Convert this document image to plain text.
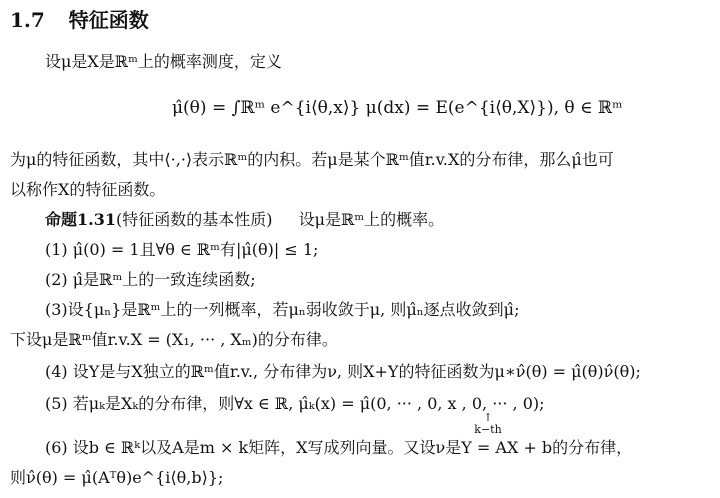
1.7 特征函数
设μ是X是ℝᵐ上的概率测度，定义
μ̂(θ) = ∫ℝᵐ e^{i⟨θ,x⟩} μ(dx) = E(e^{i⟨θ,X⟩}), θ ∈ ℝᵐ
为μ的特征函数，其中⟨·,·⟩表示ℝᵐ的内积。若μ是某个ℝᵐ值r.v.X的分布律，那么μ̂也可
以称作X的特征函数。
命题1.31(特征函数的基本性质) 设μ是ℝᵐ上的概率。
(1) μ̂(0) = 1且∀θ ∈ ℝᵐ有|μ̂(θ)| ≤ 1;
(2) μ̂是ℝᵐ上的一致连续函数;
(3)设{μₙ}是ℝᵐ上的一列概率，若μₙ弱收敛于μ, 则μ̂ₙ逐点收敛到μ̂;
下设μ是ℝᵐ值r.v.X = (X₁, ··· , Xₘ)的分布律。
(4) 设Y是与X独立的ℝᵐ值r.v., 分布律为ν, 则X+Y的特征函数为μ∗ν̂(θ) = μ̂(θ)ν̂(θ);
(5) 若μₖ是Xₖ的分布律，则∀x ∈ ℝ, μ̂ₖ(x) = μ̂(0, ··· , 0, x , 0, ··· , 0);
↑
k−th
(6) 设b ∈ ℝᵏ以及A是m × k矩阵，X写成列向量。又设ν是Y = AX + b的分布律，
则ν̂(θ) = μ̂(Aᵀθ)e^{i⟨θ,b⟩};
